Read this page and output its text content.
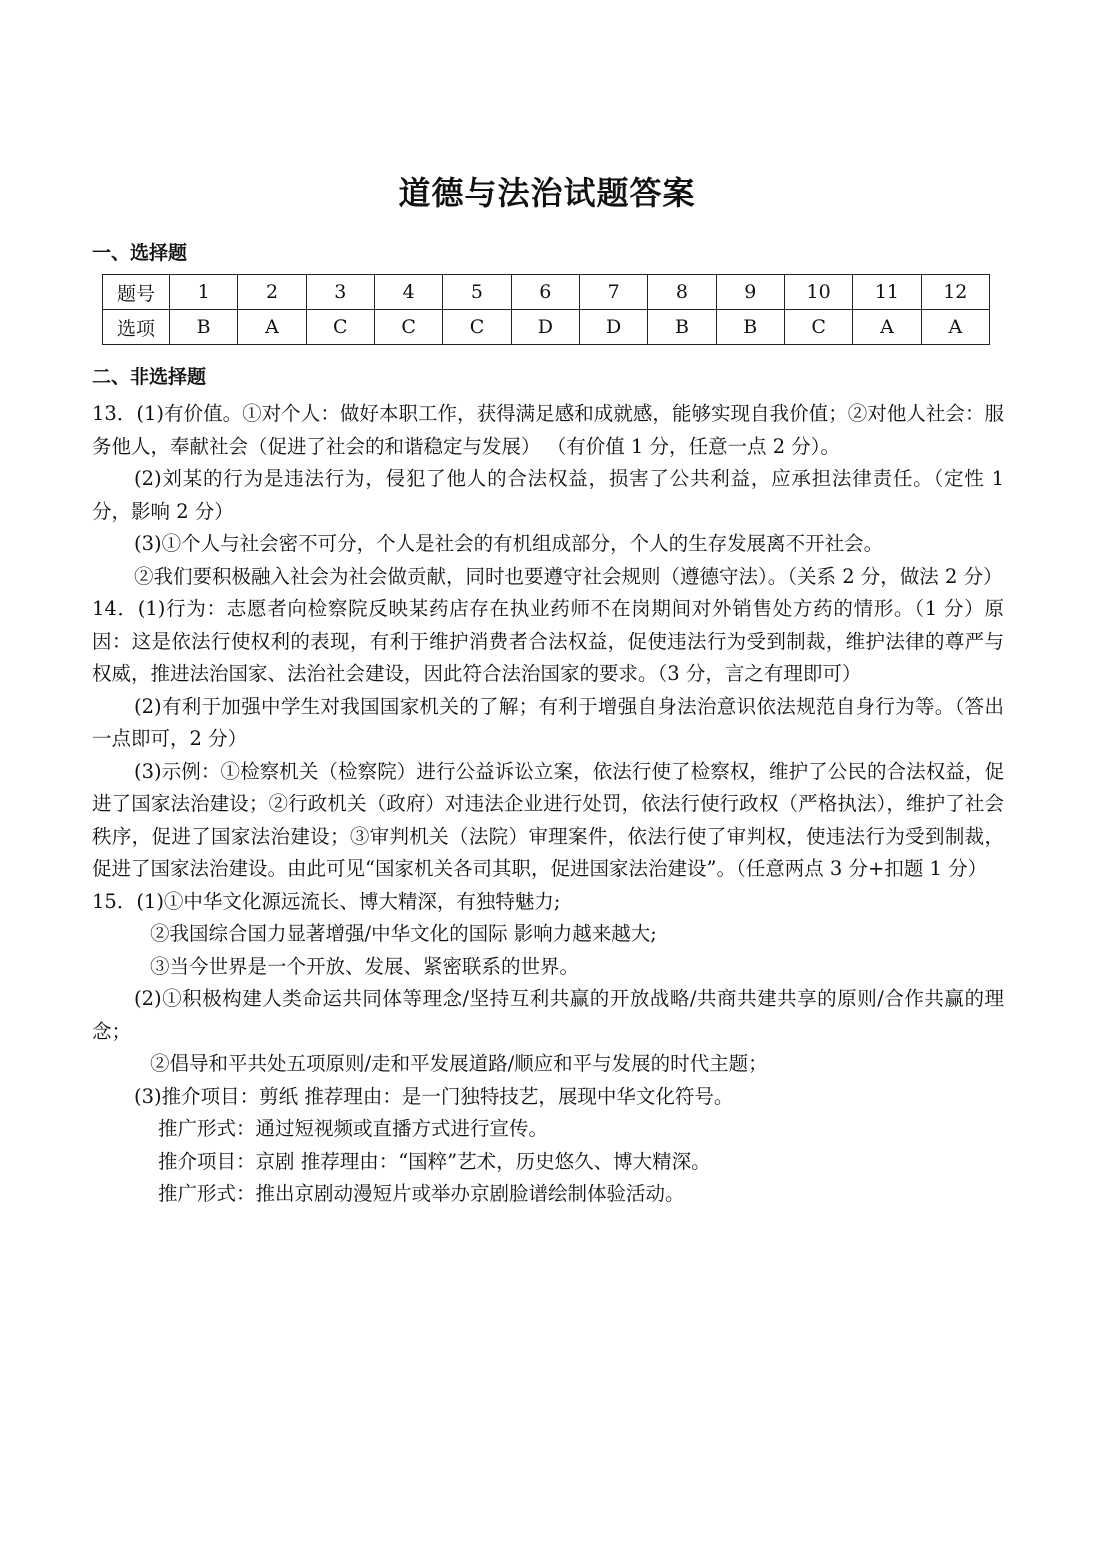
道德与法治试题答案
一、选择题
题号	1	2	3	4	5	6	7	8	9	10	11	12
选项	B	A	C	C	C	D	D	B	B	C	A	A
二、非选择题

13．(1)有价值。①对个人：做好本职工作，获得满足感和成就感，能够实现自我价值；②对他人社会：服务他人，奉献社会（促进了社会的和谐稳定与发展） （有价值 1 分，任意一点 2 分）。

(2)刘某的行为是违法行为，侵犯了他人的合法权益，损害了公共利益，应承担法律责任。（定性 1 分，影响 2 分）

(3)①个人与社会密不可分，个人是社会的有机组成部分，个人的生存发展离不开社会。

②我们要积极融入社会为社会做贡献，同时也要遵守社会规则（遵德守法）。（关系 2 分，做法 2 分）

14．(1)行为：志愿者向检察院反映某药店存在执业药师不在岗期间对外销售处方药的情形。（1 分）原因：这是依法行使权利的表现，有利于维护消费者合法权益，促使违法行为受到制裁，维护法律的尊严与权威，推进法治国家、法治社会建设，因此符合法治国家的要求。（3 分，言之有理即可）

(2)有利于加强中学生对我国国家机关的了解；有利于增强自身法治意识依法规范自身行为等。（答出一点即可，2 分）

(3)示例：①检察机关（检察院）进行公益诉讼立案，依法行使了检察权，维护了公民的合法权益，促进了国家法治建设；②行政机关（政府）对违法企业进行处罚，依法行使行政权（严格执法），维护了社会秩序，促进了国家法治建设；③审判机关（法院）审理案件，依法行使了审判权，使违法行为受到制裁，促进了国家法治建设。由此可见“国家机关各司其职，促进国家法治建设”。（任意两点 3 分+扣题 1 分）

15．(1)①中华文化源远流长、博大精深，有独特魅力;

②我国综合国力显著增强/中华文化的国际 影响力越来越大;

③当今世界是一个开放、发展、紧密联系的世界。

(2)①积极构建人类命运共同体等理念/坚持互利共赢的开放战略/共商共建共享的原则/合作共赢的理念；

②倡导和平共处五项原则/走和平发展道路/顺应和平与发展的时代主题；

(3)推介项目：剪纸 推荐理由：是一门独特技艺，展现中华文化符号。

推广形式：通过短视频或直播方式进行宣传。

推介项目：京剧 推荐理由：“国粹”艺术，历史悠久、博大精深。

推广形式：推出京剧动漫短片或举办京剧脸谱绘制体验活动。
